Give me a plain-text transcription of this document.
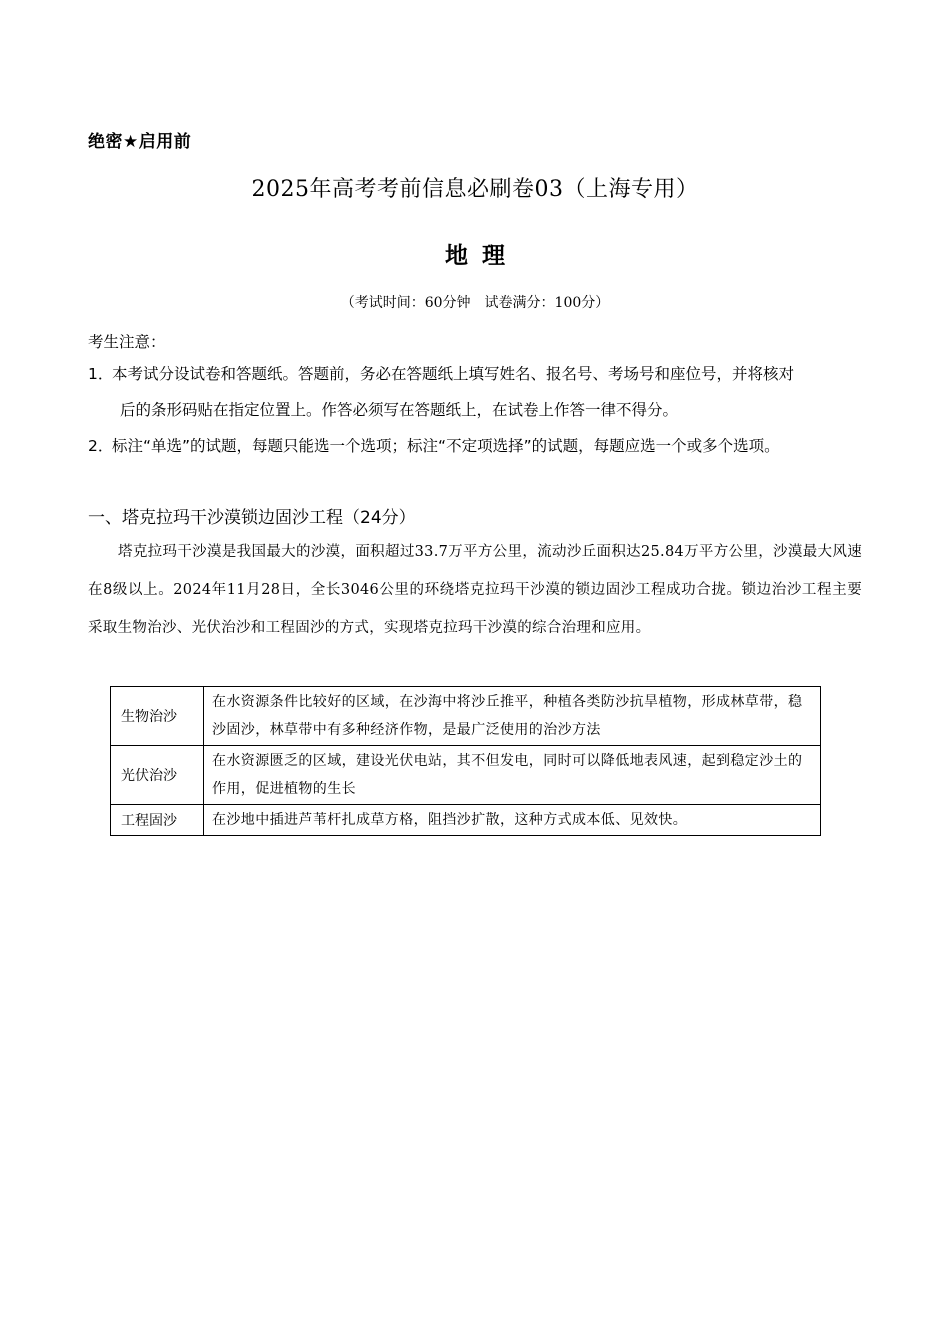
绝密★启用前
2025年高考考前信息必刷卷03（上海专用）
地理
（考试时间：60分钟　试卷满分：100分）
考生注意：
1．本考试分设试卷和答题纸。答题前，务必在答题纸上填写姓名、报名号、考场号和座位号，并将核对
后的条形码贴在指定位置上。作答必须写在答题纸上，在试卷上作答一律不得分。
2．标注“单选”的试题，每题只能选一个选项；标注“不定项选择”的试题，每题应选一个或多个选项。
一、塔克拉玛干沙漠锁边固沙工程（24分）
塔克拉玛干沙漠是我国最大的沙漠，面积超过33.7万平方公里，流动沙丘面积达25.84万平方公里，沙漠最大风速在8级以上。2024年11月28日，全长3046公里的环绕塔克拉玛干沙漠的锁边固沙工程成功合拢。锁边治沙工程主要采取生物治沙、光伏治沙和工程固沙的方式，实现塔克拉玛干沙漠的综合治理和应用。
生物治沙	在水资源条件比较好的区域，在沙海中将沙丘推平，种植各类防沙抗旱植物，形成林草带，稳沙固沙，林草带中有多种经济作物，是最广泛使用的治沙方法
光伏治沙	在水资源匮乏的区域，建设光伏电站，其不但发电，同时可以降低地表风速，起到稳定沙土的作用，促进植物的生长
工程固沙	在沙地中插进芦苇杆扎成草方格，阻挡沙扩散，这种方式成本低、见效快。
